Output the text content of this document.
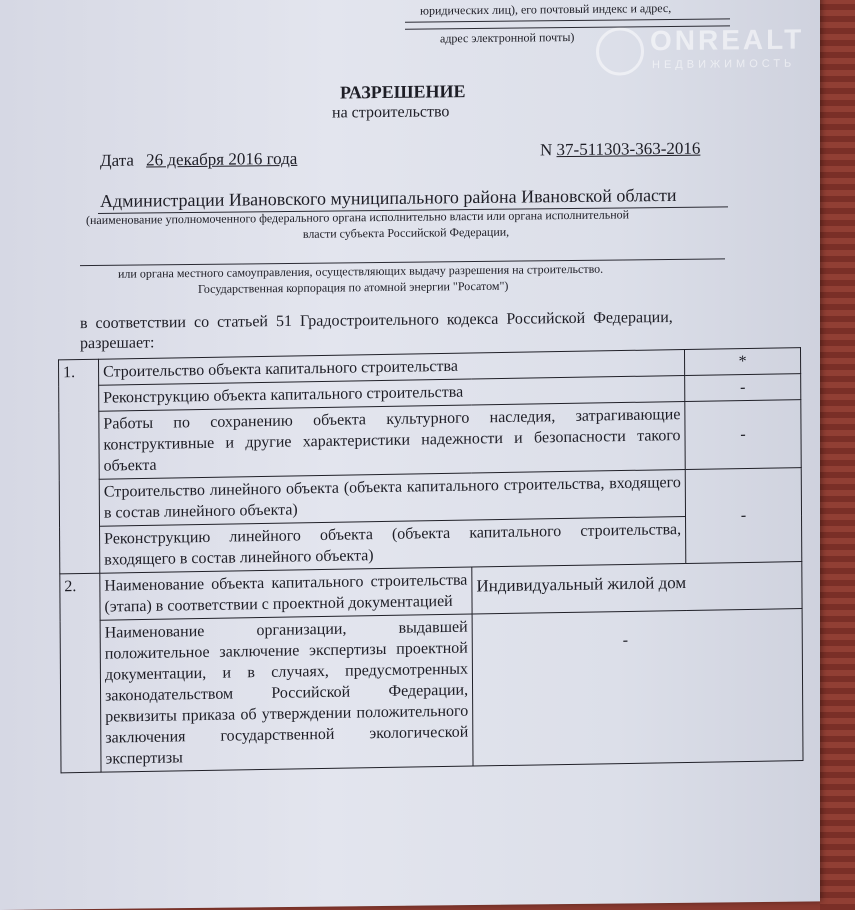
юридических лиц), его почтовый индекс и адрес,
адрес электронной почты)	ONREALT
НЕДВИЖИМОСТЬ
РАЗРЕШЕНИЕ
на строительство
Дата 26 декабря 2016 года	N 37-511303-363-2016
Администрации Ивановского муниципального района Ивановской области
(наименование уполномоченного федерального органа исполнительно власти или органа исполнительной
власти субъекта Российской Федерации,
или органа местного самоуправления, осуществляющих выдачу разрешения на строительство.
Государственная корпорация по атомной энергии "Росатом")
в соответствии со статьей 51 Градостроительного кодекса Российской Федерации,
разрешает:
1.	Строительство объекта капитального строительства		*
	Реконструкцию объекта капитального строительства		-
	Работы по сохранению объекта культурного наследия, затрагивающие конструктивные и другие характеристики надежности и безопасности такого объекта		-
	Строительство линейного объекта (объекта капитального строительства, входящего в состав линейного объекта)		-
	Реконструкцию линейного объекта (объекта капитального строительства, входящего в состав линейного объекта)		
2.	Наименование объекта капитального строительства (этапа) в соответствии с проектной документацией	Индивидуальный жилой дом	
	Наименование организации, выдавшей положительное заключение экспертизы проектной документации, и в случаях, предусмотренных законодательством Российской Федерации, реквизиты приказа об утверждении положительного заключения государственной экологической экспертизы	-	
